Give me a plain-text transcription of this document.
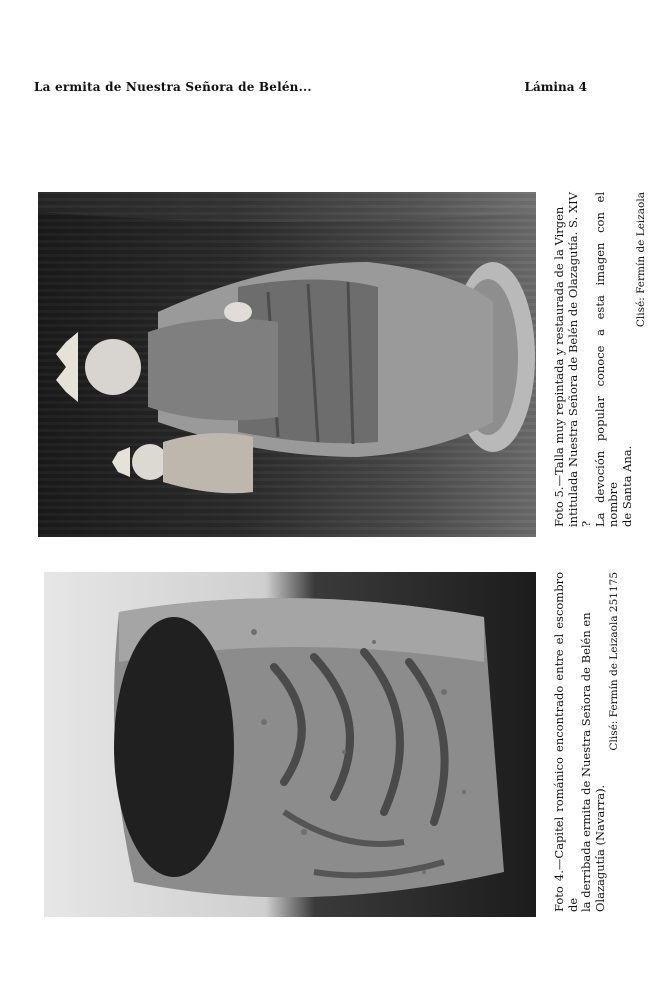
La ermita de Nuestra Señora de Belén...	Lámina 4

Foto 5.—Talla muy repintada y restaurada de la Virgen intitulada Nuestra Señora de Belén de Olazagutía. S. XIV ? La devoción popular conoce a esta imagen con el nombre de Santa Ana.

Clisé: Fermín de Leizaola

Foto 4.—Capitel románico encontrado entre el escombro de la derribada ermita de Nuestra Señora de Belén en Olazagutía (Navarra).

Clisé: Fermín de Leizaola 251175
